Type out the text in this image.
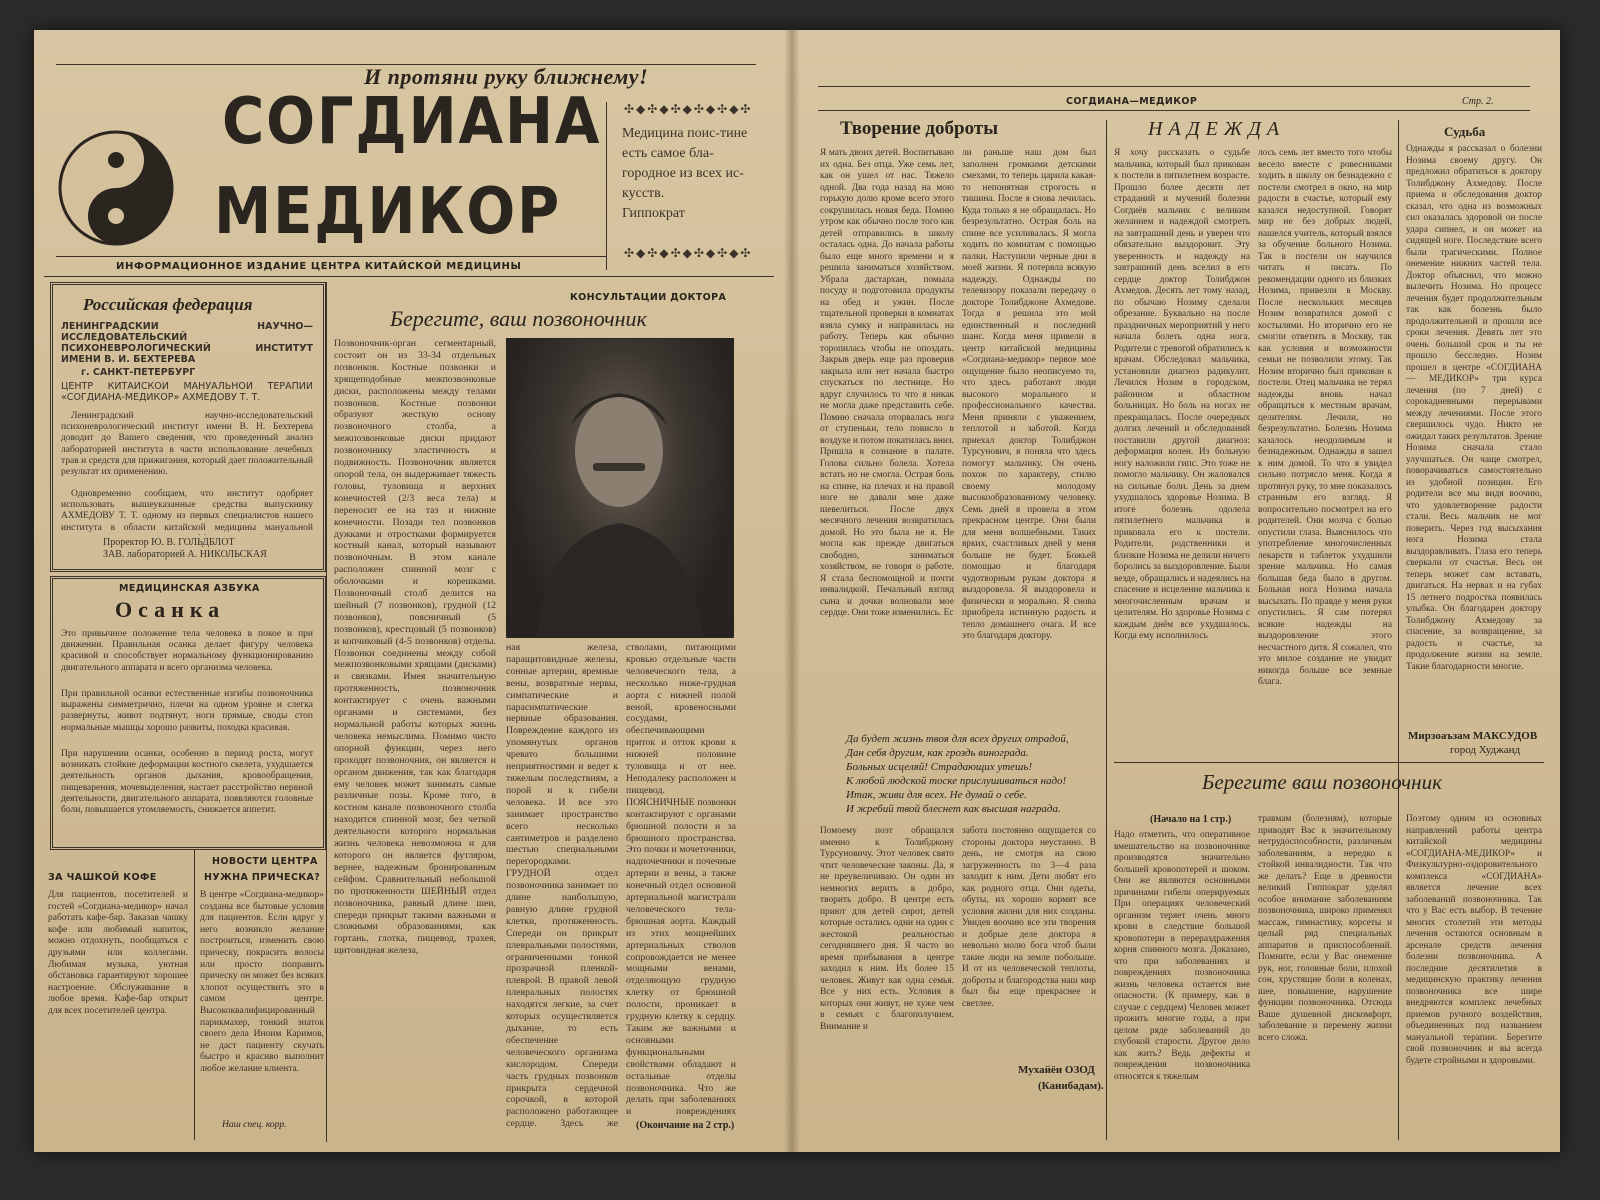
И протяни руку ближнему!
СОГДИАНА
МЕДИКОР
ИНФОРМАЦИОННОЕ ИЗДАНИЕ ЦЕНТРА КИТАЙСКОЙ МЕДИЦИНЫ
✣◆✣◆✣◆✣◆✣◆✣
Медицина поис-тине есть самое бла-городное из всех ис-кусств.
Гиппократ
✣◆✣◆✣◆✣◆✣◆✣
Российская федерация
ЛЕНИНГРАДСКИЙ НАУЧНО—ИССЛЕДОВАТЕЛЬСКИЙ ПСИХОНЕВРОЛОГИЧЕСКИЙ ИНСТИТУТ ИМЕНИ В. И. БЕХТЕРЕВА
г. САНКТ-ПЕТЕРБУРГ
ЦЕНТР КИТАЙСКОЙ МАНУАЛЬНОЙ ТЕРАПИИ «СОГДИАНА-МЕДИКОР» АХМЕДОВУ Т. Т.
Ленинградский научно-исследовательский психоневрологический институт имени В. Н. Бехтерева доводит до Вашего сведения, что проведенный анализ лабораторией института в части использование лечебных трав и средств для прижигания, который дает положительный результат их применению.
Одновременно сообщаем, что институт одобряет использовать вышеуказанные средства выпускнику АХМЕДОВУ Т. Т. одному из первых специалистов нашего института в области китайской медицины мануальной
Проректор Ю. В. ГОЛЬДБЛОТ
ЗАВ. лабораторией А. НИКОЛЬСКАЯ
МЕДИЦИНСКАЯ АЗБУКА
Осанка
Это привычное положение тела человека в покое и при движении. Правильная осанка делает фигуру человека красивой и способствует нормальному функционированию двигательного аппарата и всего организма человека.
При правильной осанки естественные изгибы позвоночника выражены симметрично, плечи на одном уровне и слегка развернуты, живот подтянут, ноги прямые, своды стоп нормальные мышцы хорошо развиты, походка красивая.
При нарушении осанки, особенно в период роста, могут возникать стойкие деформации костного скелета, ухудшается деятельность органов дыхания, кровообращения, пищеварения, мочевыделения, настает расстройство нервной деятельности, двигательного аппарата, появляются головные боли, повышается утомляемость, снижается аппетит.
ЗА ЧАШКОЙ КОФЕ
Для пациентов, посетителей и гостей «Согдиана-медикор» начал работать кафе-бар. Заказав чашку кофе или любимый напиток, можно отдохнуть, пообщаться с друзьями или коллегами. Любимая музыка, уютная обстановка гарантируют хорошее настроение. Обслуживание в любое время. Кафе-бар открыт для всех посетителей центра.
НОВОСТИ ЦЕНТРА
НУЖНА ПРИЧЕСКА?
В центре «Согдиана-медикор» созданы все бытовые условия для пациентов. Если вдруг у него возникло желание построиться, изменить свою прическу, покрасить волосы или просто поправить прическу он может без всяких хлопот осуществить это в самом центре. Высококвалифицированный парикмахер, тонкий знаток своего дела Иноим Каримов, не даст пациенту скучать быстро и красиво выполнит любое желание клиента.
Наш спец. корр.
КОНСУЛЬТАЦИИ ДОКТОРА
Берегите, ваш позвоночник
Позвоночник-орган сегментарный, состоит он из 33-34 отдельных позвонков. Костные позвонки и хрящеподобные межпозвонковые диски, расположены между телами позвонков. Костные позвонки образуют жесткую основу позвоночного столба, а межпозвонковые диски придают позвоночнику эластичность и подвижность. Позвоночник является опорой тела, он выдерживает тяжесть головы, туловища и верхних конечностей (2/3 веса тела) и переносит ее на таз и нижние конечности. Позади тел позвонков дужками и отростками формируется костный канал, который называют позвоночным. В этом канале расположен спинной мозг с оболочками и корешками. Позвоночный столб делится на шейный (7 позвонков), грудной (12 позвонков), поясничный (5 позвонков), крестцовый (5 позвонков) и копчиковый (4-5 позвонков) отделы. Позвонки соединены между собой межпозвонковыми хрящами (дисками) и связками. Имея значительную протяженность, позвоночник контактирует с очень важными органами и системами, без нормальной работы которых жизнь человека немыслима. Помимо чисто опорной функции, через него проходят позвоночник, он является и органом движения, так как благодаря ему человек может занимать самые различные позы. Кроме того, в костном канале позвоночного столба находится спинной мозг, без четкой деятельности которого нормальная жизнь человека невозможна и для которого он является футляром, вернее, надежным бронированным сейфом. Сравнительный небольшой по протяженности ШЕЙНЫЙ отдел позвоночника, равный длине шеи, спереди прикрыт такими важными и сложными образованиями, как гортань, глотка, пищевод, трахея, щитовидная железа,
ная железа, паращитовидные железы, сонные артерии, яремные вены, возвратные нервы, симпатические и парасимпатические нервные образования. Повреждение каждого из упомянутых органов чревато большими неприятностями и ведет к тяжелым последствиям, а порой и к гибели человека. И все это занимает пространство всего несколько сантиметров и разделено шестью специальными перегородками. ГРУДНОЙ отдел позвоночника занимает по длине наибольшую, равную длине грудной клетки, протяженность. Спереди он прикрыт плевральными полостями, ограниченными тонкой прозрачной пленкой-плеврой. В правой левой плевральных полостях находятся легкие, за счет которых осуществляется дыхание, то есть обеспечение человеческого организма кислородом. Спереди часть грудных позвонков прикрыта сердечной сорочкой, в которой расположено работающее сердце. Здесь же
стволами, питающими кровью отдельные части человеческого тела, а несколько ниже-грудная аорта с нижней полой веной, кровеносными сосудами, обеспечивающими приток и отток крови к нижней половине туловища и от нее. Неподалеку расположен и пищевод. ПОЯСНИЧНЫЕ позвонки контактируют с органами брюшной полости и за брюшного пространства. Это почки и мочеточники, надпочечники и почечные артерии и вены, а также конечный отдел основной артериальной магистрали человеческого тела-брюшная аорта. Каждый из этих мощнейших артериальных стволов сопровождается не менее мощными венами, отделяющую грудную клетку от брюшной полости, проникает в грудную клетку к сердцу. Таким же важными и основными функциональными свойствами обладают и остальные отделы позвоночника. Что же делать при заболеваниях и повреждениях
(Окончание на 2 стр.)
СОГДИАНА—МЕДИКОР	Стр. 2.
Творение доброты
Я мать двоих детей. Воспитываю их одна. Без отца. Уже семь лет, как он ушел от нас. Тяжело одной. Два года назад на мою горькую долю кроме всего этого сокрушилась новая беда. Помню утром как обычно после того как детей отправились в школу осталась одна. До начала работы было еще много времени и я решила заниматься хозяйством. Убрала дастархан, помыла посуду и подготовила продукты на обед и ужин. После тщательной проверки в комнатах взяла сумку и направилась на работу. Теперь как обычно торопилась чтобы не опоздать. Закрыв дверь еще раз проверив закрыла или нет начала быстро спускаться по лестнице. Но вдруг случилось то что я никак не могла даже представить себе. Помню сначала оторвалась нога от ступеньки, тело повисло в воздухе и потом покатилась вниз. Пришла в сознание в палате. Голова сильно болела. Хотела встать но не смогла. Острая боль на спине, на плечах и на правой ноге не давали мне даже шевелиться. После двух месячного лечения возвратилась домой. Но это была не я. Не могла как прежде двигаться свободно, заниматься хозяйством, не говоря о работе. Я стала беспомощной и почти инвалидкой. Печальный взгляд сына и дочки волновали мое сердце. Они тоже изменились. Ес
ли раньше наш дом был заполнен громкими детскими смехами, то теперь царила какая-то непонятная строгость и тишина. После я снова лечилась. Куда только я не обращалась. Но безрезультатно. Острая боль на спине все усиливалась. Я могла ходить по комнатам с помощью палки. Наступили черные дни в моей жизни. Я потеряла всякую надежду. Однажды по телевизору показали передачу о докторе Толибджоне Ахмедове. Тогда я решила это мой единственный и последний шанс. Когда меня привели в центр китайской медицины «Согдиана-медикор» первое мое ощущение было неописуемо то, что здесь работают люди высокого морального и профессионального качества. Меня приняли с уважением, теплотой и заботой. Когда приехал доктор Толибджон Турсунович, я поняла что здесь помогут мальчику. Он очень похож по характеру, стилю своему молодому высокообразованному человеку. Семь дней я провела в этом прекрасном центре. Они были для меня волшебными. Таких ярких, счастливых дней у меня больше не будет. Божьей помощью и благодаря чудотворным рукам доктора я выздоровела. Я выздоровела и физически и морально. Я снова приобрела истинную радость и тепло домашнего очага. И все это благодаря доктору.
Да будет жизнь твоя для всех других отрадой,
Дан себя другим, как гроздь винограда.
Больных исцеляй! Страдающих утешь!
К любой людской тоске прислушиваться надо!
Итак, живи для всех. Не думай о себе.
И жребий твой блеснет как высшая награда.
Помоему поэт обращался именно к Толибджону Турсуновичу. Этот человек свято чтит человеческие законы. Да, я не преувеличиваю. Он один из немногих верить в добро, творить добро. В центре есть приют для детей сирот, детей которые остались одни на один с жестокой реальностью сегодняшнего дня. Я часто во время прибывания в центре заходил к ним. Их более 15 человек. Живут как одна семья. Все у них есть. Условия в которых они живут, не хуже чем в семьях с благополучием. Внимание и
забота постоянно ощущается со стороны доктора неустанно. В день, не смотря на свою загруженность по 3—4 раза заходит к ним. Дети любят его как родного отца. Они одеты, обуты, их хорошо кормят все условия жизни для них созданы. Увидев воочию все эти творения и добрые деле доктора я невольно молю бога чтоб были такие люди на земле побольше. И от их человеческой теплоты, доброты и благородства наш мир был бы еще прекраснее и светлее.
Мухайёи ОЗОД
(Канибадам).
НАДЕЖДА
Я хочу рассказать о судьбе мальчика, который был прикован к постели в пятилетнем возрасте. Прошло более десяти лет страданий и мучений болезни Согдиёв мальчик с великим желанием и надеждой смотреть на завтрашний день и уверен что обязательно выздоровит. Эту уверенность и надежду на завтрашний день вселил в его сердце доктор Толибджон Ахмедов. Десять лет тому назад, по обычаю Нозиму сделали обрезание. Буквально на после праздничных мероприятий у него начала болеть одна нога. Родители с тревогой обратились к врачам. Обследовал мальчика, установили диагноз радикулит. Лечился Нозим в городском, районном и областном больницах. Но боль на ногах не прекращалась. После очередных долгих лечений и обследований поставили другой диагноз: деформация колен. Из больную ногу наложили гипс. Это тоже не помогло мальчику. Он жаловался на сильные боли. День за днем ухудшалось здоровье Нозима. В итоге болезнь одолела пятилетнего мальчика в приковала его к постели. Родители, родственники и близкие Нозима не делили ничего боролись за выздоровление. Были везде, обращались и надеялись на спасение и исцеление мальчика к многочисленным врачам и целителям. Но здоровье Нозима с каждым днём все ухудшалось. Когда ему исполнилось
лось семь лет вместо того чтобы весело вместе с ровесниками ходить в школу он безнадежно с постели смотрел в окно, на мир радости в счастье, который ему казался недоступной. Говорят мир не без добрых людей, нашелся учитель, который взялся за обучение больного Нозима. Так в постели он научился читать и писать. По рекомендации одного из близких Нозима, привезли в Москву. После нескольких месяцев Нозим возвратился домой с костылями. Но вторично его не смогли ответить в Москву, так как условия и возможности семьи не позволили этому. Так Нозим вторично был прикован к постели. Отец мальчика не терял надежды вновь начал обращаться к местным врачам, целителям. Лечили, но безрезультатно. Болезнь Нозима казалось неодолимым и безнадежным. Однажды я зашел к ним домой. То что я увидел сильно потрясло меня. Когда я протянул руку, то мне показалось странным его взгляд. Я вопросительно посмотрел на его родителей. Они молча с болью опустили глаза. Выяснилось что употребление многочисленных лекарств и таблеток ухудшили зрение мальчика. Но самая большая беда было в другом. Больная нога Нозима начала высыхать. По правде у меня руки опустились. Я сам потерял всякие надежды на выздоровление этого несчастного дитя. Я сожалел, что это милое создание не увидит никогда больше все земные блага.
Судьба
Однажды я рассказал о болезни Нозима своему другу. Он предложил обратиться к доктору Толибджону Ахмедову. После приема и обследования доктор сказал, что одна из возможных сил оказалась здоровой он после удара сипнел, и он может на сидящей ноге. Последствие всего были трагическими. Полное онемение нижних частей тела. Доктор объяснил, что можно вылечить Нозима. Но процесс лечения будет продолжительным так как болезнь было продолжительной и прошли все сроки лечения. Девять лет это очень большой срок и ты не прошло бесследно. Нозим прошел в центре «СОГДИАНА — МЕДИКОР» три курса лечения (по 7 дней) с сорокадневными перерывами между лечениями. После этого свершилось чудо. Никто не ожидал таких результатов. Зрение Нозима сначала стало улучшаться. Он чаще смотрел, поворачиваться самостоятельно из удобной позиции. Его родители все мы видя воочию, что удовлетворение радости стали. Весь мальчик не мог поверить. Через год высыхания нога Нозима стала выздоравливать. Глаза его теперь сверкали от счастья. Весь он теперь может сам вставать, двигаться. На нервах и на губах 15 летнего подростка появилась улыбка. Он благодарен доктору Толибджону Ахмедову за спасение, за возвращение, за радость и счастье, за продолжение жизни на земле. Такие благодарности многие.
Мирзоаъзам МАКСУДОВ
город Худжанд
Берегите ваш позвоночник
(Начало на 1 стр.)
Надо отметить, что оперативное вмешательство на позвоночнике производятся значительно большей кровопотерей и шоком. Они же являются основными причинами гибели оперируемых При операциях человеческий организм теряет очень много крови в следствие большой кровопотери в перераздражения корня спинного мозга. Доказано, что при заболеваниях и повреждениях позвоночника жизнь человека остается вне опасности. (К примеру, как в случае с сердцем) Человек может прожить многие годы, а при целом ряде заболеваний до глубокой старости. Другое дело как жить? Ведь дефекты и повреждения позвоночника относятся к тяжелым
травмам (болезням), которые приводят Вас к значительному нетрудоспособности, различным заболеваниям, а нередко к стойкой инвалидности. Так что же делать? Еще в древности великий Гиппократ уделял особое внимание заболеваниям позвоночника, широко применял массаж, гимнастику, корсеты и целый ряд специальных аппаратов и приспособлений. Помните, если у Вас онемение рук, ног, головные боли, плохой сон, хрустящие боли в коленах, шее, повышение, нарушение функции позвоночника. Отсюда Ваше душевной дискомфорт, заболевание и перемену жизни всего сложа.
Поэтому одним из основных направлений работы центра китайской медицины «СОГДИАНА-МЕДИКОР» и Физкультурно-оздоровительного комплекса «СОГДИАНА» является лечение всех заболеваний позвоночника. Так что у Вас есть выбор. В течение многих столетий эти методы лечения остаются основным в арсенале средств лечения болезни позвоночника. А последние десятилетия в медицинскую практику лечения позвоночника все шире внедряются комплекс лечебных приемов ручного воздействия, объединенных под названием мануальной терапии. Берегите свой позвоночник и вы всегда будете стройными и здоровыми.
